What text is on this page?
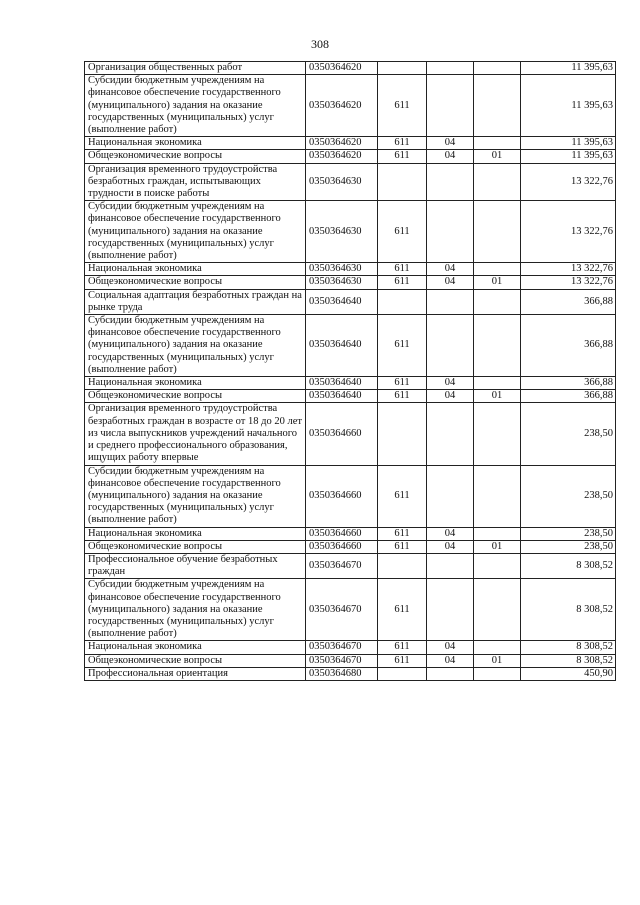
308
Организация общественных работ	0350364620				11 395,63
Субсидии бюджетным учреждениям на финансовое обеспечение государственного (муниципального) задания на оказание государственных (муниципальных) услуг (выполнение работ)	0350364620	611			11 395,63
Национальная экономика	0350364620	611	04		11 395,63
Общеэкономические вопросы	0350364620	611	04	01	11 395,63
Организация временного трудоустройства безработных граждан, испытывающих трудности в поиске работы	0350364630				13 322,76
Субсидии бюджетным учреждениям на финансовое обеспечение государственного (муниципального) задания на оказание государственных (муниципальных) услуг (выполнение работ)	0350364630	611			13 322,76
Национальная экономика	0350364630	611	04		13 322,76
Общеэкономические вопросы	0350364630	611	04	01	13 322,76
Социальная адаптация безработных граждан на рынке труда	0350364640				366,88
Субсидии бюджетным учреждениям на финансовое обеспечение государственного (муниципального) задания на оказание государственных (муниципальных) услуг (выполнение работ)	0350364640	611			366,88
Национальная экономика	0350364640	611	04		366,88
Общеэкономические вопросы	0350364640	611	04	01	366,88
Организация временного трудоустройства безработных граждан в возрасте от 18 до 20 лет из числа выпускников учреждений начального и среднего профессионального образования, ищущих работу впервые	0350364660				238,50
Субсидии бюджетным учреждениям на финансовое обеспечение государственного (муниципального) задания на оказание государственных (муниципальных) услуг (выполнение работ)	0350364660	611			238,50
Национальная экономика	0350364660	611	04		238,50
Общеэкономические вопросы	0350364660	611	04	01	238,50
Профессиональное обучение безработных граждан	0350364670				8 308,52
Субсидии бюджетным учреждениям на финансовое обеспечение государственного (муниципального) задания на оказание государственных (муниципальных) услуг (выполнение работ)	0350364670	611			8 308,52
Национальная экономика	0350364670	611	04		8 308,52
Общеэкономические вопросы	0350364670	611	04	01	8 308,52
Профессиональная ориентация	0350364680				450,90
